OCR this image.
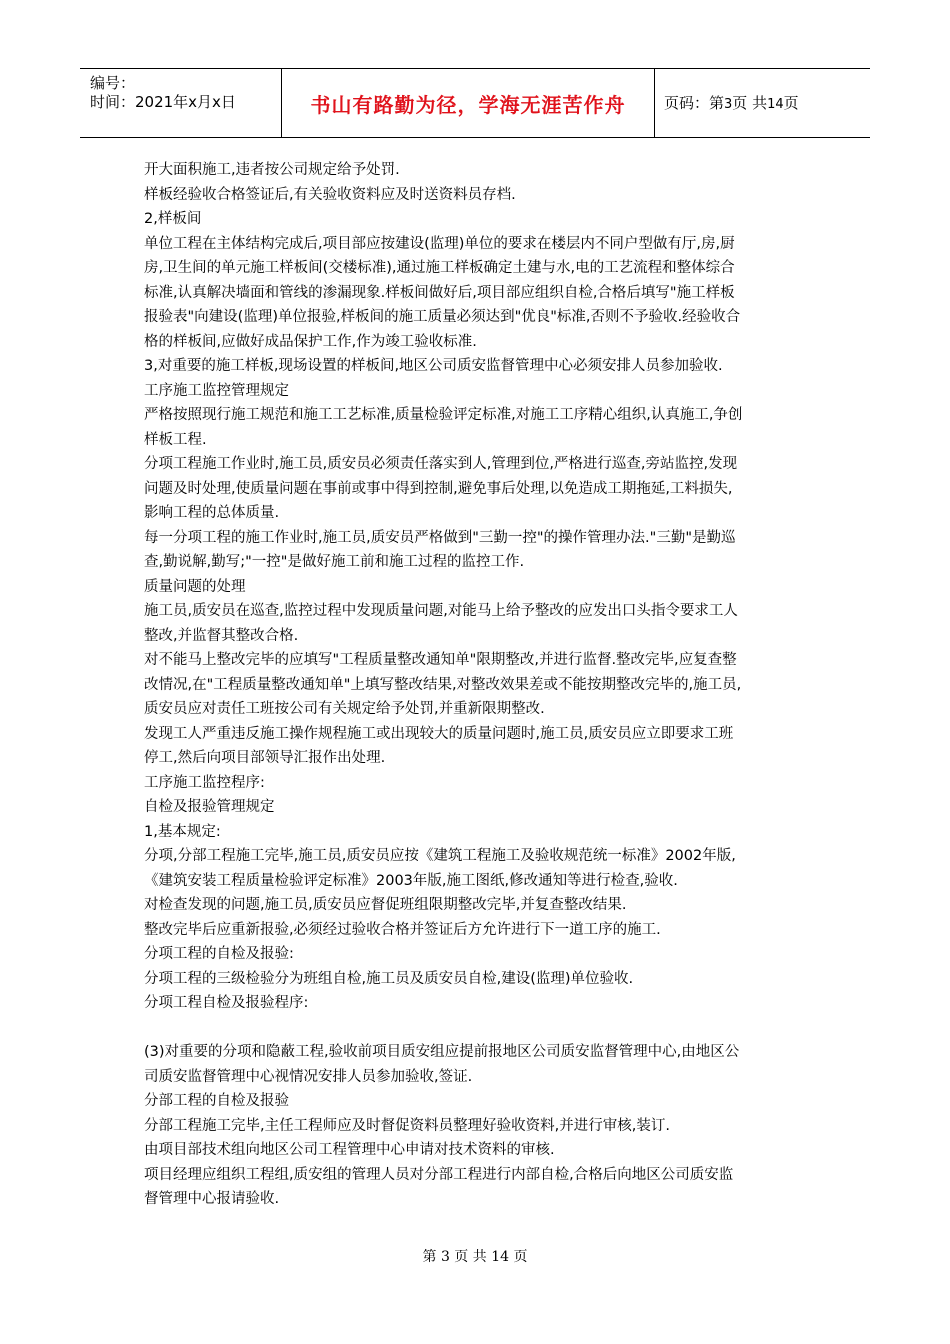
编号：
时间：2021年x月x日	书山有路勤为径，学海无涯苦作舟	页码：第3页 共14页

开大面积施工,违者按公司规定给予处罚.

样板经验收合格签证后,有关验收资料应及时送资料员存档.

2,样板间

单位工程在主体结构完成后,项目部应按建设(监理)单位的要求在楼层内不同户型做有厅,房,厨

房,卫生间的单元施工样板间(交楼标准),通过施工样板确定土建与水,电的工艺流程和整体综合

标准,认真解决墙面和管线的渗漏现象.样板间做好后,项目部应组织自检,合格后填写"施工样板

报验表"向建设(监理)单位报验,样板间的施工质量必须达到"优良"标准,否则不予验收.经验收合

格的样板间,应做好成品保护工作,作为竣工验收标准.

3,对重要的施工样板,现场设置的样板间,地区公司质安监督管理中心必须安排人员参加验收.

工序施工监控管理规定

严格按照现行施工规范和施工工艺标准,质量检验评定标准,对施工工序精心组织,认真施工,争创

样板工程.

分项工程施工作业时,施工员,质安员必须责任落实到人,管理到位,严格进行巡查,旁站监控,发现

问题及时处理,使质量问题在事前或事中得到控制,避免事后处理,以免造成工期拖延,工料损失,

影响工程的总体质量.

每一分项工程的施工作业时,施工员,质安员严格做到"三勤一控"的操作管理办法."三勤"是勤巡

查,勤说解,勤写;"一控"是做好施工前和施工过程的监控工作.

质量问题的处理

施工员,质安员在巡查,监控过程中发现质量问题,对能马上给予整改的应发出口头指令要求工人

整改,并监督其整改合格.

对不能马上整改完毕的应填写"工程质量整改通知单"限期整改,并进行监督.整改完毕,应复查整

改情况,在"工程质量整改通知单"上填写整改结果,对整改效果差或不能按期整改完毕的,施工员,

质安员应对责任工班按公司有关规定给予处罚,并重新限期整改.

发现工人严重违反施工操作规程施工或出现较大的质量问题时,施工员,质安员应立即要求工班

停工,然后向项目部领导汇报作出处理.

工序施工监控程序:

自检及报验管理规定

1,基本规定:

分项,分部工程施工完毕,施工员,质安员应按《建筑工程施工及验收规范统一标准》2002年版,

《建筑安装工程质量检验评定标准》2003年版,施工图纸,修改通知等进行检查,验收.

对检查发现的问题,施工员,质安员应督促班组限期整改完毕,并复查整改结果.

整改完毕后应重新报验,必须经过验收合格并签证后方允许进行下一道工序的施工.

分项工程的自检及报验:

分项工程的三级检验分为班组自检,施工员及质安员自检,建设(监理)单位验收.

分项工程自检及报验程序:

(3)对重要的分项和隐蔽工程,验收前项目质安组应提前报地区公司质安监督管理中心,由地区公

司质安监督管理中心视情况安排人员参加验收,签证.

分部工程的自检及报验

分部工程施工完毕,主任工程师应及时督促资料员整理好验收资料,并进行审核,装订.

由项目部技术组向地区公司工程管理中心申请对技术资料的审核.

项目经理应组织工程组,质安组的管理人员对分部工程进行内部自检,合格后向地区公司质安监

督管理中心报请验收.

第 3 页 共 14 页
